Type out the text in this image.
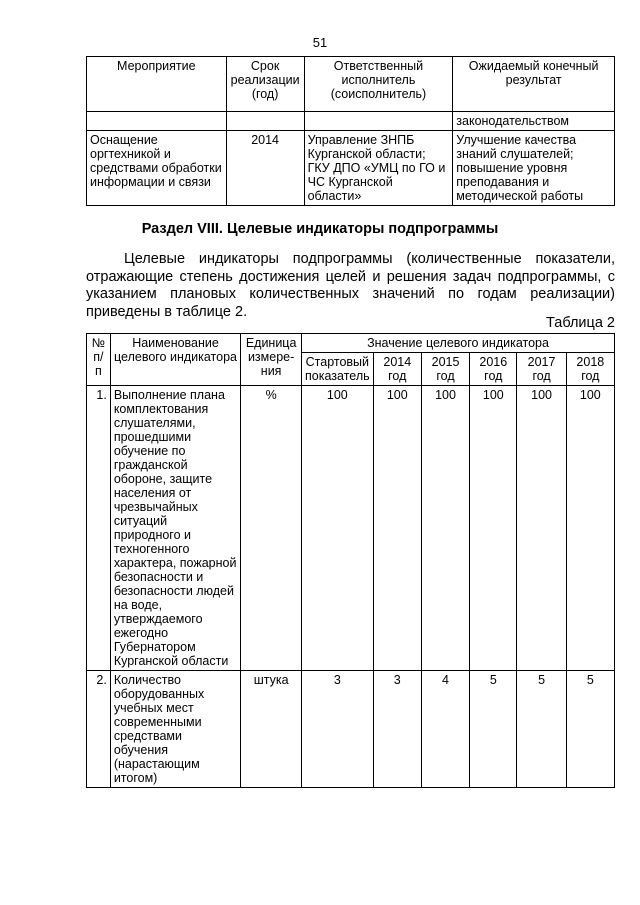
51
Мероприятие	Срок реализации (год)	Ответственный исполнитель (соисполнитель)	Ожидаемый конечный результат
			законодательством
Оснащение оргтехникой и средствами обработки информации и связи	2014	Управление ЗНПБ Курганской области; ГКУ ДПО «УМЦ по ГО и ЧС Курганской области»	Улучшение качества знаний слушателей; повышение уровня преподавания и методической работы
Раздел VIII. Целевые индикаторы подпрограммы
Целевые индикаторы подпрограммы (количественные показатели, отражающие степень достижения целей и решения задач подпрограммы, с указанием плановых количественных значений по годам реализации) приведены в таблице 2.
Таблица 2
№ п/п	Наименование целевого индикатора	Единица измере-ния	Значение целевого индикатора					
			Стартовый показатель	2014 год	2015 год	2016 год	2017 год	2018 год
1.	Выполнение плана комплектования слушателями, прошедшими обучение по гражданской обороне, защите населения от чрезвычайных ситуаций природного и техногенного характера, пожарной безопасности и безопасности людей на воде, утверждаемого ежегодно Губернатором Курганской области	%	100	100	100	100	100	100
2.	Количество оборудованных учебных мест современными средствами обучения (нарастающим итогом)	штука	3	3	4	5	5	5
